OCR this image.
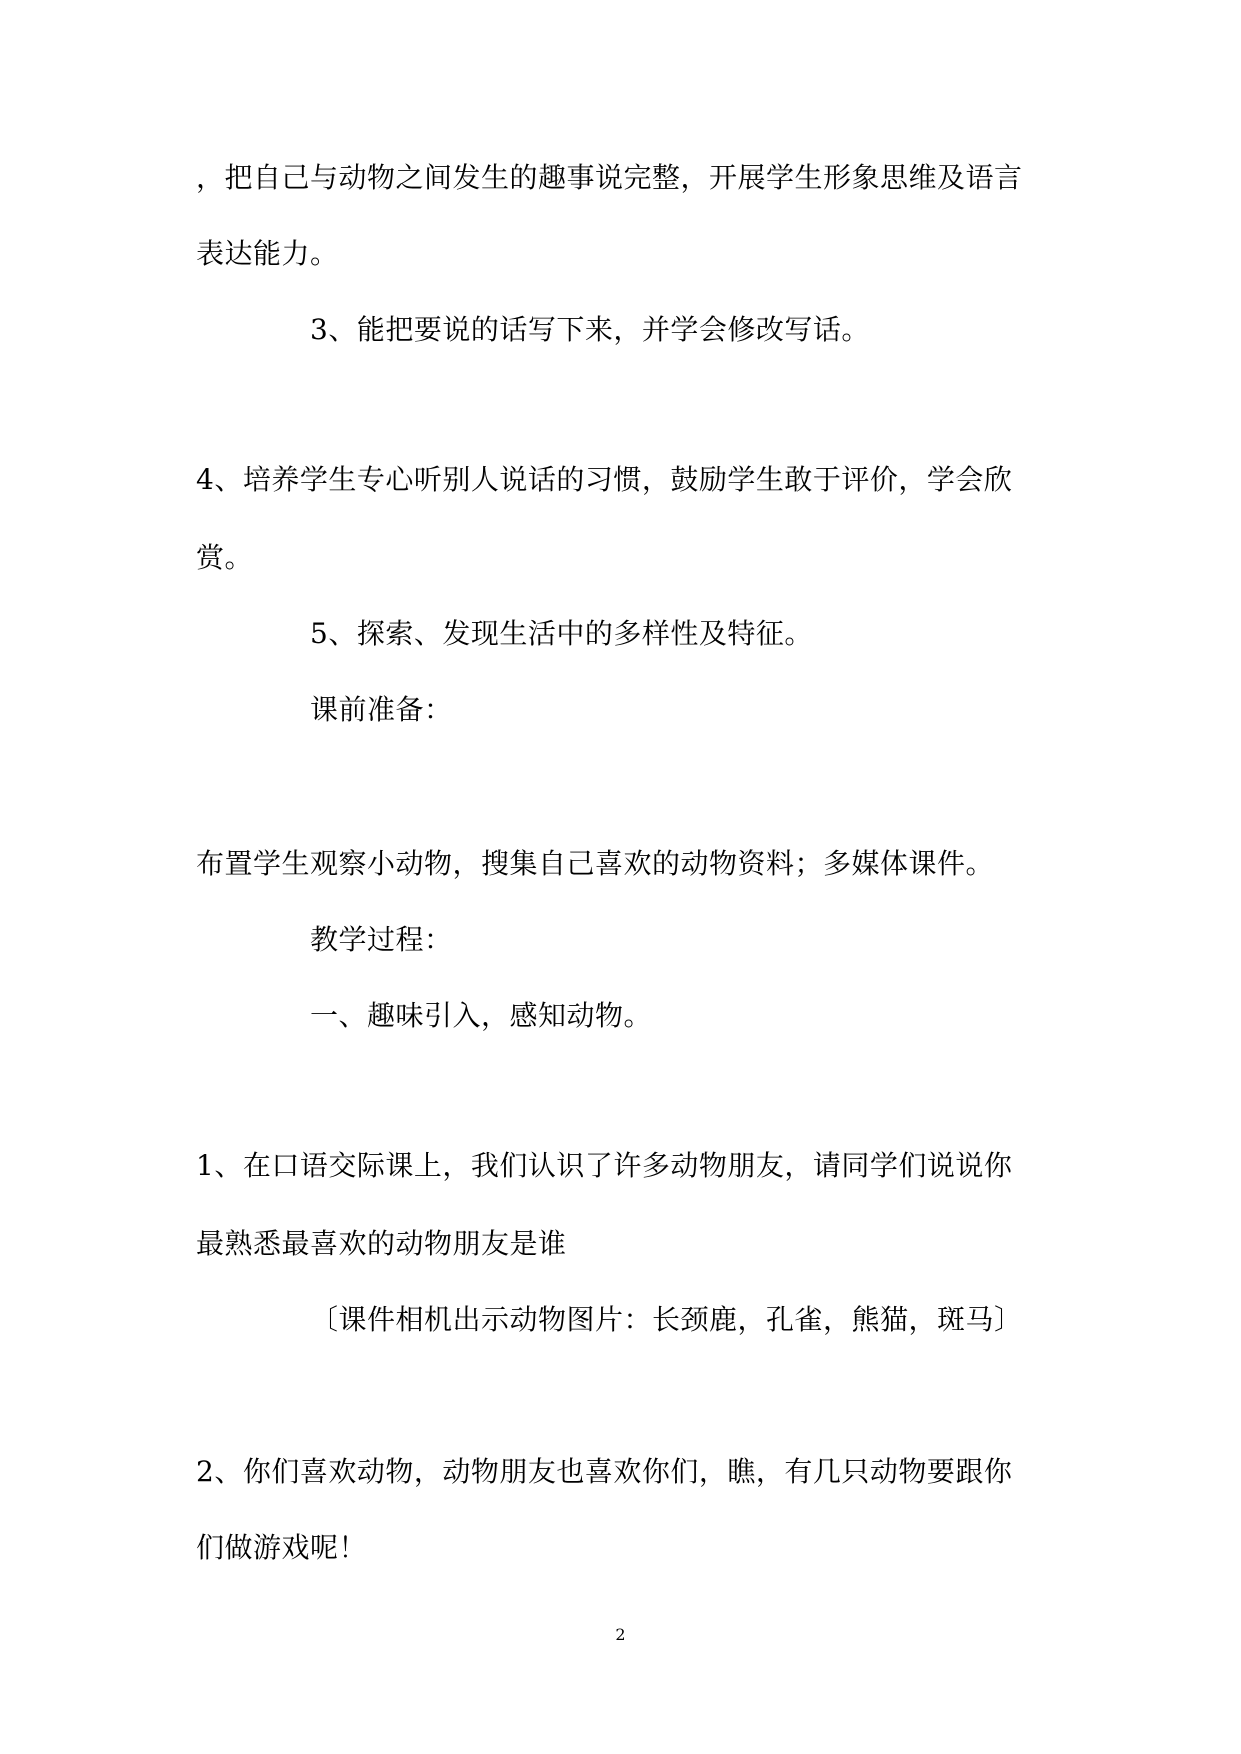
，把自己与动物之间发生的趣事说完整，开展学生形象思维及语言
表达能力。
3、能把要说的话写下来，并学会修改写话。
4、培养学生专心听别人说话的习惯，鼓励学生敢于评价，学会欣
赏。
5、探索、发现生活中的多样性及特征。
课前准备：
布置学生观察小动物，搜集自己喜欢的动物资料；多媒体课件。
教学过程：
一、趣味引入，感知动物。
1、在口语交际课上，我们认识了许多动物朋友，请同学们说说你
最熟悉最喜欢的动物朋友是谁
〔课件相机出示动物图片：长颈鹿，孔雀，熊猫，斑马〕
2、你们喜欢动物，动物朋友也喜欢你们，瞧，有几只动物要跟你
们做游戏呢！
2
